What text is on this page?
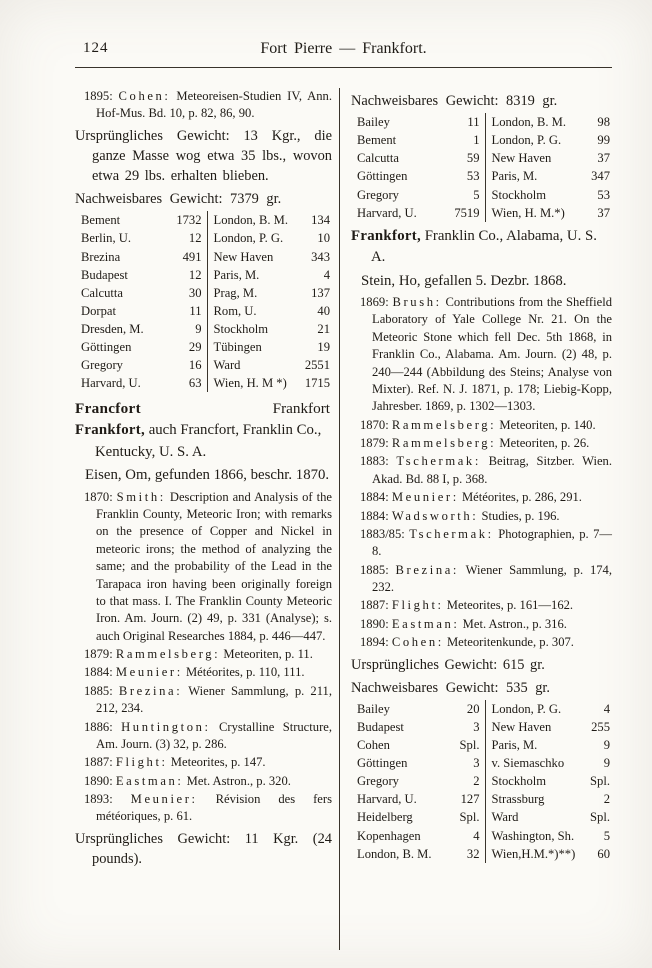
124	Fort Pierre — Frankfort.

1895: Cohen: Meteoreisen-Studien IV, Ann. Hof-Mus. Bd. 10, p. 82, 86, 90.

Ursprüngliches Gewicht: 13 Kgr., die ganze Masse wog etwa 35 lbs., wovon etwa 29 lbs. erhalten blieben.

Nachweisbares Gewicht: 7379 gr.

Bement	1732
Berlin, U.	12
Brezina	491
Budapest	12
Calcutta	30
Dorpat	11
Dresden, M.	9
Göttingen	29
Gregory	16
Harvard, U.	63
London, B. M. 134
London, P. G.	10
New Haven	343
Paris, M.	4
Prag, M.	137
Rom, U.	40
Stockholm	21
Tübingen	19
Ward	2551
Wien, H. M *) 1715
Francfort	Frankfort

Frankfort, auch Francfort, Franklin Co., Kentucky, U. S. A.

Eisen, Om, gefunden 1866, beschr. 1870.

1870: Smith: Description and Analysis of the Franklin County, Meteoric Iron; with remarks on the presence of Copper and Nickel in meteoric irons; the method of analyzing the same; and the probability of the Lead in the Tarapaca iron having been originally foreign to that mass. I. The Franklin County Meteoric Iron. Am. Journ. (2) 49, p. 331 (Analyse); s. auch Original Researches 1884, p. 446—447.

1879: Rammelsberg: Meteoriten, p. 11.

1884: Meunier: Météorites, p. 110, 111.

1885: Brezina: Wiener Sammlung, p. 211, 212, 234.

1886: Huntington: Crystalline Structure, Am. Journ. (3) 32, p. 286.

1887: Flight: Meteorites, p. 147.

1890: Eastman: Met. Astron., p. 320.

1893: Meunier: Révision des fers météoriques, p. 61.

Ursprüngliches Gewicht: 11 Kgr. (24 pounds).

Nachweisbares Gewicht: 8319 gr.

Bailey	11
Bement	1
Calcutta	59
Göttingen	53
Gregory	5
Harvard, U.	7519
London, B. M. 98
London, P. G.	99
New Haven	37
Paris, M.	347
Stockholm	53
Wien, H. M.*)	37

Frankfort, Franklin Co., Alabama, U. S. A.

Stein, Ho, gefallen 5. Dezbr. 1868.

1869: Brush: Contributions from the Sheffield Laboratory of Yale College Nr. 21. On the Meteoric Stone which fell Dec. 5th 1868, in Franklin Co., Alabama. Am. Journ. (2) 48, p. 240—244 (Abbildung des Steins; Analyse von Mixter). Ref. N. J. 1871, p. 178; Liebig-Kopp, Jahresber. 1869, p. 1302—1303.

1870: Rammelsberg: Meteoriten, p. 140.

1879: Rammelsberg: Meteoriten, p. 26.

1883: Tschermak: Beitrag, Sitzber. Wien. Akad. Bd. 88 I, p. 368.

1884: Meunier: Météorites, p. 286, 291.

1884: Wadsworth: Studies, p. 196.

1883/85: Tschermak: Photographien, p. 7—8.

1885: Brezina: Wiener Sammlung, p. 174, 232.

1887: Flight: Meteorites, p. 161—162.

1890: Eastman: Met. Astron., p. 316.

1894: Cohen: Meteoritenkunde, p. 307.

Ursprüngliches Gewicht: 615 gr.

Nachweisbares Gewicht: 535 gr.

Bailey	20
Budapest	3
Cohen	Spl.
Göttingen	3
Gregory	2
Harvard, U.	127
Heidelberg	Spl.
Kopenhagen	4
London, B. M.	32
London, P. G.	4
New Haven	255
Paris, M.	9
v. Siemaschko	9
Stockholm	Spl.
Strassburg	2
Ward	Spl.
Washington, Sh. 5
Wien,H.M.*)**) 60
